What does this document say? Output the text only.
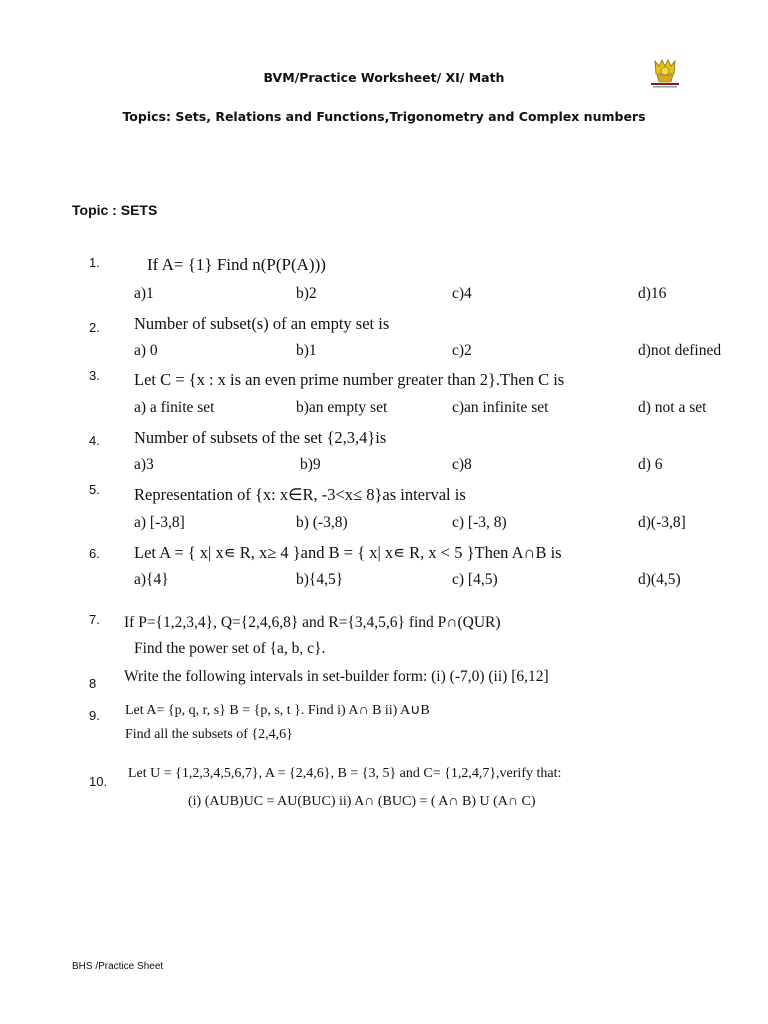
BVM/Practice Worksheet/ XI/ Math
Topics: Sets, Relations and Functions,Trigonometry and Complex numbers
Topic : SETS
1.	If A= {1} Find n(P(P(A)))
a)1	b)2	c)4	d)16
2. Number of subset(s) of an empty set is
a) 0	b)1	c)2	d)not defined
3. Let C = {x : x is an even prime number greater than 2}.Then C is
a) a finite set	b)an empty set	c)an infinite set	d) not a set
4. Number of subsets of the set {2,3,4}is
a)3	b)9	c)8	d) 6
5. Representation of {x: x∈R, -3<x≤ 8}as interval is
a) [-3,8]	b) (-3,8)	c) [-3, 8)	d)(-3,8]
6. Let A = { x| x∊ R, x≥ 4 }and B = { x| x∊ R, x < 5 }Then A∩B is
a){4}	b){4,5}	c) [4,5)	d)(4,5)
7. If P={1,2,3,4}, Q={2,4,6,8} and R={3,4,5,6} find P∩(QUR)
Find the power set of {a, b, c}.
8 Write the following intervals in set-builder form: (i) (-7,0) (ii) [6,12]
9. Let A= {p, q, r, s} B = {p, s, t }. Find i) A∩ B ii) A∪B
Find all the subsets of {2,4,6}
10.
Let U = {1,2,3,4,5,6,7}, A = {2,4,6}, B = {3, 5} and C= {1,2,4,7},verify that:
(i) (AUB)UC = AU(BUC) ii) A∩ (BUC) = ( A∩ B) U (A∩ C)
BHS /Practice Sheet
